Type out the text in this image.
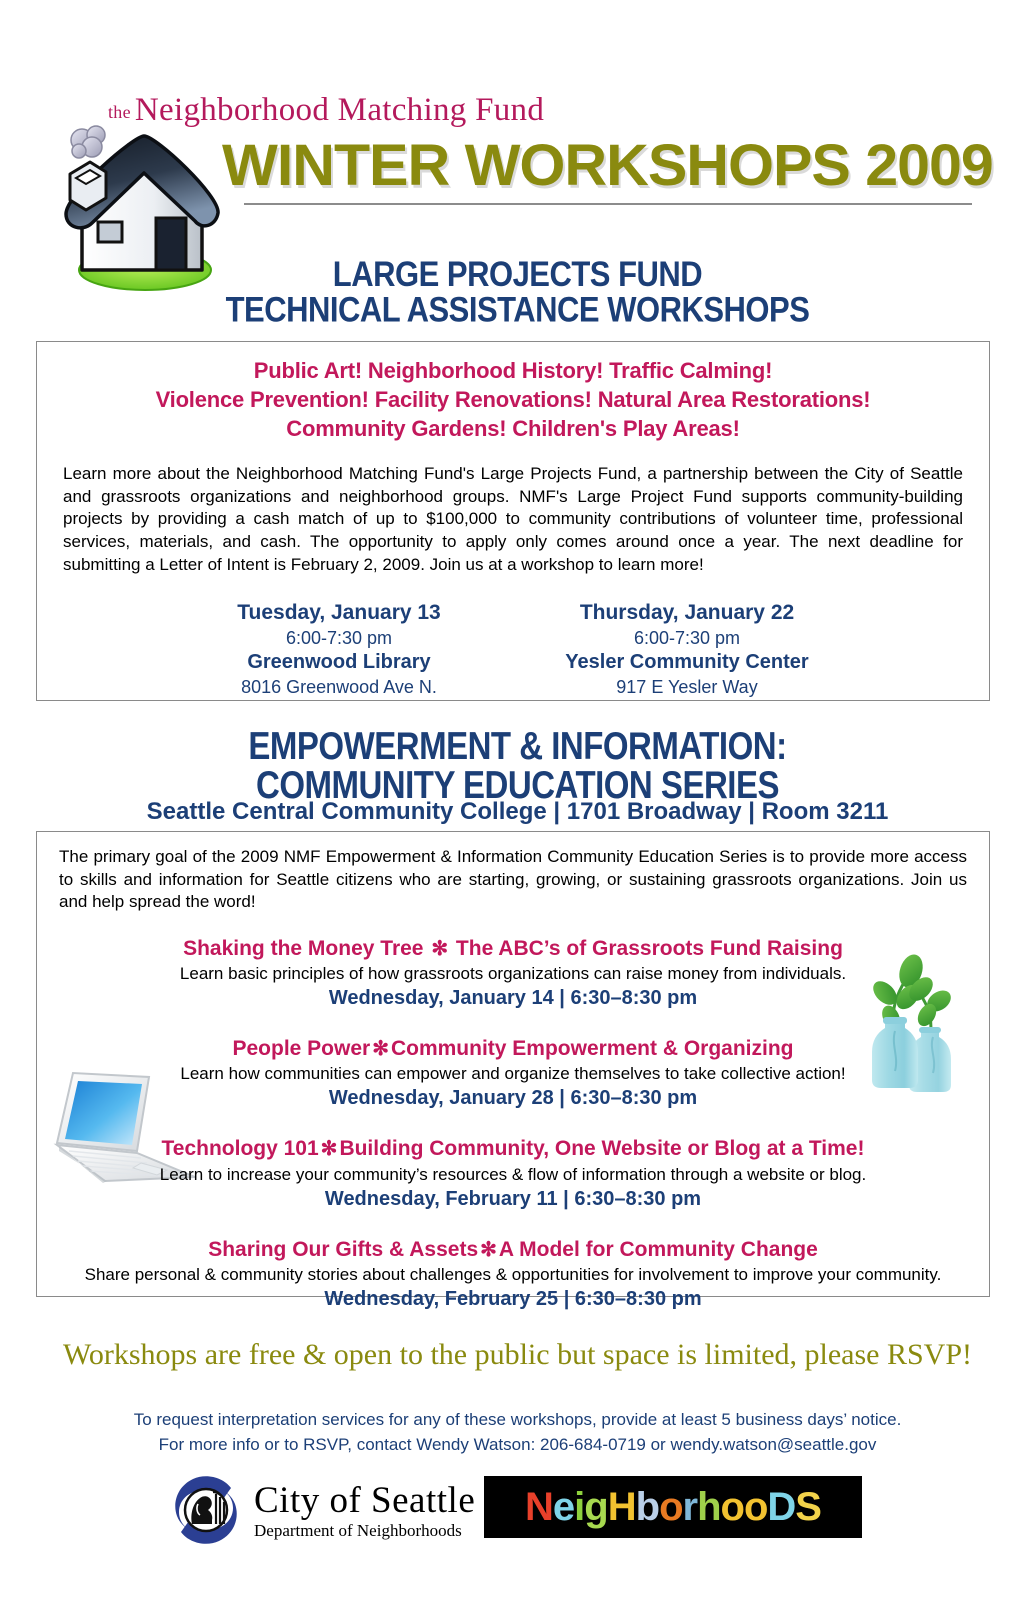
the Neighborhood Matching Fund
WINTER WORKSHOPS 2009
LARGE PROJECTS FUND
TECHNICAL ASSISTANCE WORKSHOPS
Public Art! Neighborhood History! Traffic Calming!
Violence Prevention! Facility Renovations! Natural Area Restorations!
Community Gardens! Children's Play Areas!
Learn more about the Neighborhood Matching Fund's Large Projects Fund, a partnership between the City of Seattle and grassroots organizations and neighborhood groups. NMF's Large Project Fund supports community-building projects by providing a cash match of up to $100,000 to community contributions of volunteer time, professional services, materials, and cash. The opportunity to apply only comes around once a year. The next deadline for submitting a Letter of Intent is February 2, 2009. Join us at a workshop to learn more!
Tuesday, January 13
6:00-7:30 pm
Greenwood Library
8016 Greenwood Ave N.
Thursday, January 22
6:00-7:30 pm
Yesler Community Center
917 E Yesler Way
EMPOWERMENT & INFORMATION:
COMMUNITY EDUCATION SERIES
Seattle Central Community College | 1701 Broadway | Room 3211
The primary goal of the 2009 NMF Empowerment & Information Community Education Series is to provide more access to skills and information for Seattle citizens who are starting, growing, or sustaining grassroots organizations. Join us and help spread the word!
Shaking the Money Tree ✻ The ABC’s of Grassroots Fund Raising
Learn basic principles of how grassroots organizations can raise money from individuals.
Wednesday, January 14 | 6:30–8:30 pm
People Power ✻Community Empowerment & Organizing
Learn how communities can empower and organize themselves to take collective action!
Wednesday, January 28 | 6:30–8:30 pm
Technology 101 ✻Building Community, One Website or Blog at a Time!
Learn to increase your community’s resources & flow of information through a website or blog.
Wednesday, February 11 | 6:30–8:30 pm
Sharing Our Gifts & Assets ✻A Model for Community Change
Share personal & community stories about challenges & opportunities for involvement to improve your community.
Wednesday, February 25 | 6:30–8:30 pm
Workshops are free & open to the public but space is limited, please RSVP!
To request interpretation services for any of these workshops, provide at least 5 business days’ notice.
For more info or to RSVP, contact Wendy Watson: 206-684-0719 or wendy.watson@seattle.gov
City of Seattle
Department of Neighborhoods
N e i g H b o r h o o D S
